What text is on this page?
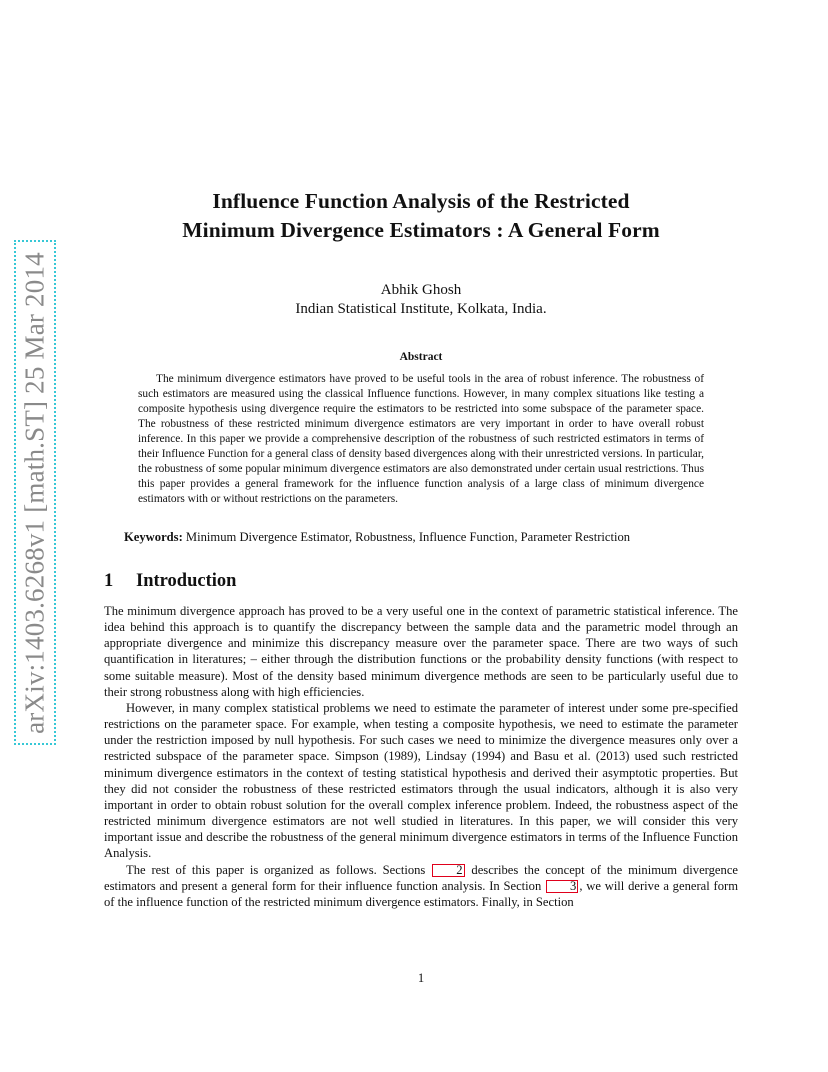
arXiv:1403.6268v1 [math.ST] 25 Mar 2014
Influence Function Analysis of the Restricted
Minimum Divergence Estimators : A General Form
Abhik Ghosh
Indian Statistical Institute, Kolkata, India.
Abstract
The minimum divergence estimators have proved to be useful tools in the area of robust inference. The robustness of such estimators are measured using the classical Influence functions. However, in many complex situations like testing a composite hypothesis using divergence require the estimators to be restricted into some subspace of the parameter space. The robustness of these restricted minimum divergence estimators are very important in order to have overall robust inference. In this paper we provide a comprehensive description of the robustness of such restricted estimators in terms of their Influence Function for a general class of density based divergences along with their unrestricted versions. In particular, the robustness of some popular minimum divergence estimators are also demonstrated under certain usual restrictions. Thus this paper provides a general framework for the influence function analysis of a large class of minimum divergence estimators with or without restrictions on the parameters.
Keywords: Minimum Divergence Estimator, Robustness, Influence Function, Parameter Restriction
1 Introduction

The minimum divergence approach has proved to be a very useful one in the context of parametric statistical inference. The idea behind this approach is to quantify the discrepancy between the sample data and the parametric model through an appropriate divergence and minimize this discrepancy measure over the parameter space. There are two ways of such quantification in literatures; – either through the distribution functions or the probability density functions (with respect to some suitable measure). Most of the density based minimum divergence methods are seen to be particularly useful due to their strong robustness along with high efficiencies.

However, in many complex statistical problems we need to estimate the parameter of interest under some pre-specified restrictions on the parameter space. For example, when testing a composite hypothesis, we need to estimate the parameter under the restriction imposed by null hypothesis. For such cases we need to minimize the divergence measures only over a restricted subspace of the parameter space. Simpson (1989), Lindsay (1994) and Basu et al. (2013) used such restricted minimum divergence estimators in the context of testing statistical hypothesis and derived their asymptotic properties. But they did not consider the robustness of these restricted estimators through the usual indicators, although it is also very important in order to obtain robust solution for the overall complex inference problem. Indeed, the robustness aspect of the restricted minimum divergence estimators are not well studied in literatures. In this paper, we will consider this very important issue and describe the robustness of the general minimum divergence estimators in terms of the Influence Function Analysis.

The rest of this paper is organized as follows. Sections 2 describes the concept of the minimum divergence estimators and present a general form for their influence function analysis. In Section 3 , we will derive a general form of the influence function of the restricted minimum divergence estimators. Finally, in Section

1
